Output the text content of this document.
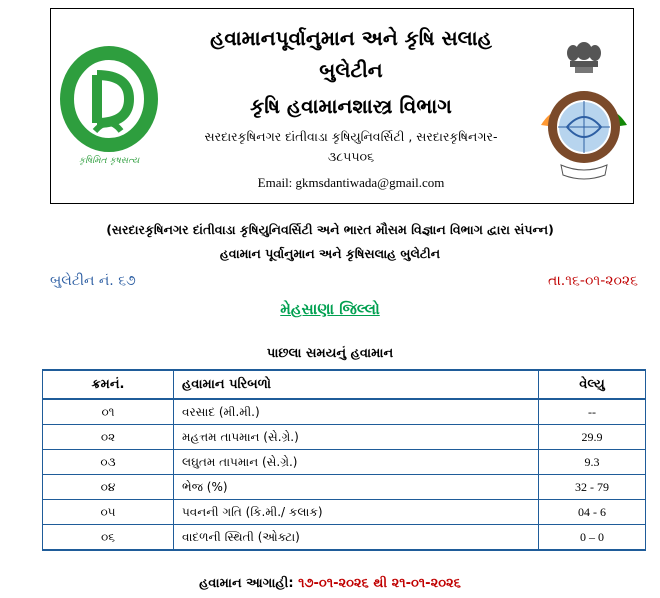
કૃષિમિત કૃષસત્ય
હવામાનપૂર્વાનુમાન અને કૃષિ સલાહ
બુલેટીન
કૃષિ હવામાનશાસ્ત્ર વિભાગ
સરદારકૃષિનગર દાંતીવાડા કૃષિયુનિવર્સિટી , સરદારકૃષિનગર-
૩૮૫૫૦૬
Email: gkmsdantiwada@gmail.com
(સરદારકૃષિનગર દાંતીવાડા કૃષિયુનિવર્સિટી અને ભારત મૌસમ વિજ્ઞાન વિભાગ દ્વારા સંપન્ન)
હવામાન પૂર્વાનુમાન અને કૃષિસલાહ બુલેટીન
બુલેટીન નં. ૬૭	તા.૧૬-૦૧-૨૦૨૬
મેહસાણા જિલ્લો
પાછલા સમયનું હવામાન
ક્રમનં.	હવામાન પરિબળો	વેલ્યુ
૦૧	વરસાદ (મી.મી.)	--
૦૨	મહત્તમ તાપમાન (સે.ગ્રે.)	29.9
૦૩	લઘુતમ તાપમાન (સે.ગ્રે.)	9.3
૦૪	ભેજ (%)	32 - 79
૦૫	પવનની ગતિ (કિ.મી./ કલાક)	04 - 6
૦૬	વાદળની સ્થિતી (ઓક્ટા)	0 – 0
હવામાન આગાહી: ૧૭-૦૧-૨૦૨૬ થી ૨૧-૦૧-૨૦૨૬
